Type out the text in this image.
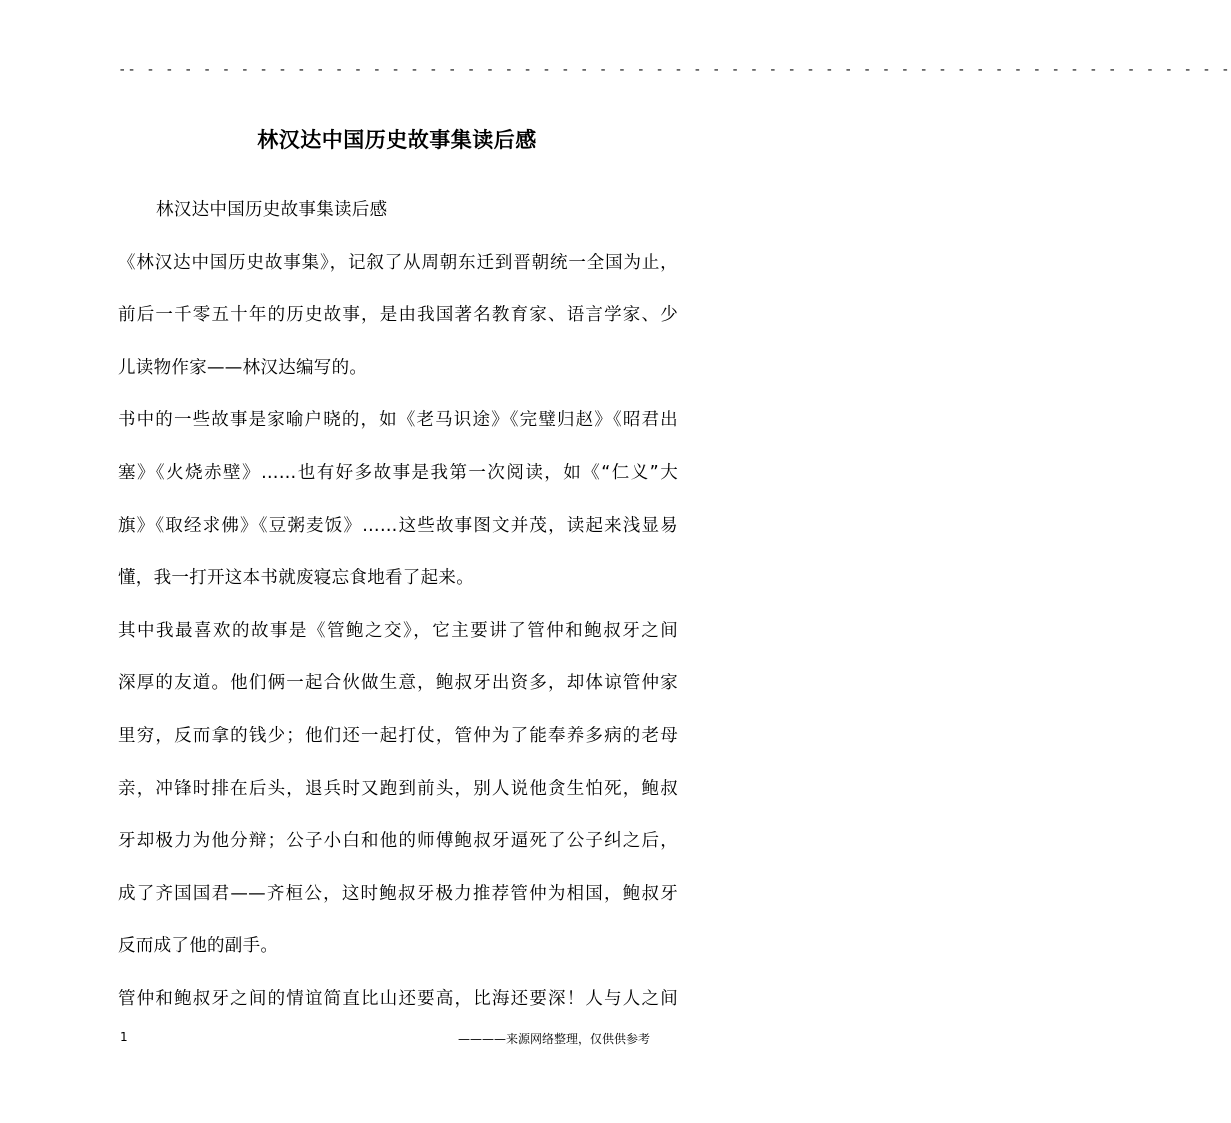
-- - - - - - - - - - - - - - - - - - - - - - - - - - - - - - - - - - - - - - - - - - - - - - - - - - - - - - - - - - -
林汉达中国历史故事集读后感
林汉达中国历史故事集读后感
《林汉达中国历史故事集》，记叙了从周朝东迁到晋朝统一全国为止，
前后一千零五十年的历史故事，是由我国著名教育家、语言学家、少
儿读物作家——林汉达编写的。
书中的一些故事是家喻户晓的，如《老马识途》《完璧归赵》《昭君出
塞》《火烧赤壁》……也有好多故事是我第一次阅读，如《“仁义”大
旗》《取经求佛》《豆粥麦饭》……这些故事图文并茂，读起来浅显易
懂，我一打开这本书就废寝忘食地看了起来。
其中我最喜欢的故事是《管鲍之交》，它主要讲了管仲和鲍叔牙之间
深厚的友道。他们俩一起合伙做生意，鲍叔牙出资多，却体谅管仲家
里穷，反而拿的钱少；他们还一起打仗，管仲为了能奉养多病的老母
亲，冲锋时排在后头，退兵时又跑到前头，别人说他贪生怕死，鲍叔
牙却极力为他分辩；公子小白和他的师傅鲍叔牙逼死了公子纠之后，
成了齐国国君——齐桓公，这时鲍叔牙极力推荐管仲为相国，鲍叔牙
反而成了他的副手。
管仲和鲍叔牙之间的情谊简直比山还要高，比海还要深！人与人之间
1	————来源网络整理，仅供供参考
